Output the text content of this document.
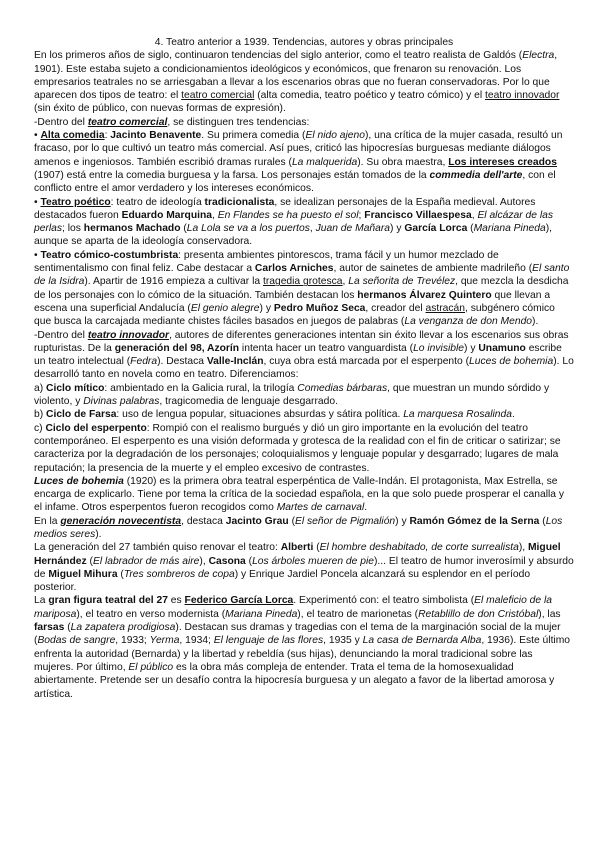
4. Teatro anterior a 1939. Tendencias, autores y obras principales

En los primeros años de siglo, continuaron tendencias del siglo anterior, como el teatro realista de Galdós (Electra, 1901). Este estaba sujeto a condicionamientos ideológicos y económicos, que frenaron su renovación. Los empresarios teatrales no se arriesgaban a llevar a los escenarios obras que no fueran conservadoras. Por lo que aparecen dos tipos de teatro: el teatro comercial (alta comedia, teatro poético y teatro cómico) y el teatro innovador (sin éxito de público, con nuevas formas de expresión).

-Dentro del teatro comercial, se distinguen tres tendencias:

• Alta comedia: Jacinto Benavente. Su primera comedia (El nido ajeno), una crítica de la mujer casada, resultó un fracaso, por lo que cultivó un teatro más comercial. Así pues, criticó las hipocresías burguesas mediante diálogos amenos e ingeniosos. También escribió dramas rurales (La malquerida). Su obra maestra, Los intereses creados (1907) está entre la comedia burguesa y la farsa. Los personajes están tomados de la commedia dell'arte, con el conflicto entre el amor verdadero y los intereses económicos.

• Teatro poético: teatro de ideología tradicionalista, se idealizan personajes de la España medieval. Autores destacados fueron Eduardo Marquina, En Flandes se ha puesto el sol; Francisco Villaespesa, El alcázar de las perlas; los hermanos Machado (La Lola se va a los puertos, Juan de Mañara) y García Lorca (Mariana Pineda), aunque se aparta de la ideología conservadora.

• Teatro cómico-costumbrista: presenta ambientes pintorescos, trama fácil y un humor mezclado de sentimentalismo con final feliz. Cabe destacar a Carlos Arniches, autor de sainetes de ambiente madrileño (El santo de la Isidra). Apartir de 1916 empieza a cultivar la tragedia grotesca, La señorita de Trevélez, que mezcla la desdicha de los personajes con lo cómico de la situación. También destacan los hermanos Álvarez Quintero que llevan a escena una superficial Andalucía (El genio alegre) y Pedro Muñoz Seca, creador del astracán, subgénero cómico que busca la carcajada mediante chistes fáciles basados en juegos de palabras (La venganza de don Mendo).

-Dentro del teatro innovador, autores de diferentes generaciones intentan sin éxito llevar a los escenarios sus obras rupturistas. De la generación del 98, Azorín intenta hacer un teatro vanguardista (Lo invisible) y Unamuno escribe un teatro intelectual (Fedra). Destaca Valle-Inclán, cuya obra está marcada por el esperpento (Luces de bohemia). Lo desarrolló tanto en novela como en teatro. Diferenciamos:

a) Ciclo mítico: ambientado en la Galicia rural, la trilogía Comedias bárbaras, que muestran un mundo sórdido y violento, y Divinas palabras, tragicomedia de lenguaje desgarrado.

b) Ciclo de Farsa: uso de lengua popular, situaciones absurdas y sátira política. La marquesa Rosalinda.

c) Ciclo del esperpento: Rompió con el realismo burgués y dió un giro importante en la evolución del teatro contemporáneo. El esperpento es una visión deformada y grotesca de la realidad con el fin de criticar o satirizar; se caracteriza por la degradación de los personajes; coloquialismos y lenguaje popular y desgarrado; lugares de mala reputación; la presencia de la muerte y el empleo excesivo de contrastes.

Luces de bohemia (1920) es la primera obra teatral esperpéntica de Valle-Indán. El protagonista, Max Estrella, se encarga de explicarlo. Tiene por tema la crítica de la sociedad española, en la que solo puede prosperar el canalla y el infame. Otros esperpentos fueron recogidos como Martes de carnaval.

En la generación novecentista, destaca Jacinto Grau (El señor de Pigmalión) y Ramón Gómez de la Serna (Los medios seres).

La generación del 27 también quiso renovar el teatro: Alberti (El hombre deshabitado, de corte surrealista), Miguel Hernández (El labrador de más aire), Casona (Los árboles mueren de pie)... El teatro de humor inverosímil y absurdo de Miguel Mihura (Tres sombreros de copa) y Enrique Jardiel Poncela alcanzará su esplendor en el período posterior.

La gran figura teatral del 27 es Federico García Lorca. Experimentó con: el teatro simbolista (El maleficio de la mariposa), el teatro en verso modernista (Mariana Pineda), el teatro de marionetas (Retablillo de don Cristóbal), las farsas (La zapatera prodigiosa). Destacan sus dramas y tragedias con el tema de la marginación social de la mujer (Bodas de sangre, 1933; Yerma, 1934; El lenguaje de las flores, 1935 y La casa de Bernarda Alba, 1936). Este último enfrenta la autoridad (Bernarda) y la libertad y rebeldía (sus hijas), denunciando la moral tradicional sobre las mujeres. Por último, El público es la obra más compleja de entender. Trata el tema de la homosexualidad abiertamente. Pretende ser un desafío contra la hipocresía burguesa y un alegato a favor de la libertad amorosa y artística.
